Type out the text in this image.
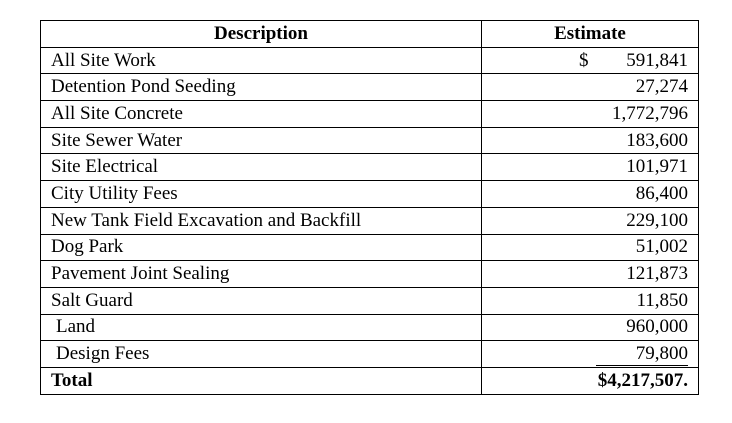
Description	Estimate
All Site Work	$ 591,841
Detention Pond Seeding	27,274
All Site Concrete	1,772,796
Site Sewer Water	183,600
Site Electrical	101,971
City Utility Fees	86,400
New Tank Field Excavation and Backfill	229,100
Dog Park	51,002
Pavement Joint Sealing	121,873
Salt Guard	11,850
Land	960,000
Design Fees	79,800
Total	$4,217,507.
